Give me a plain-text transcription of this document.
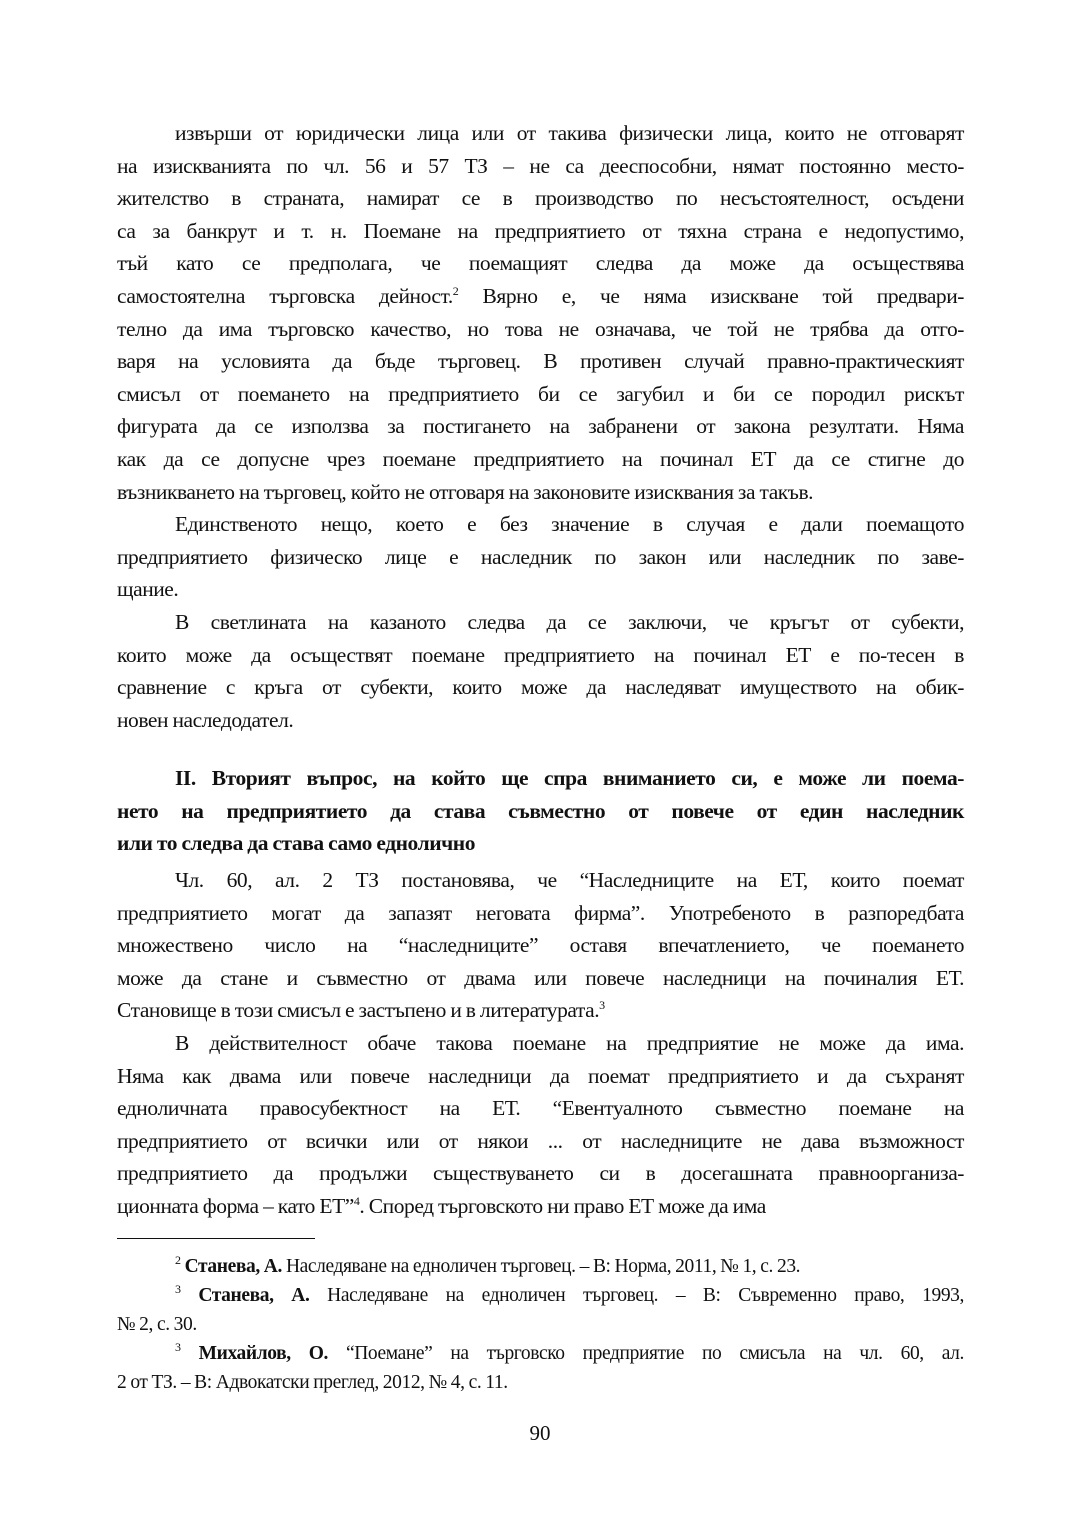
извърши от юридически лица или от такива физически лица, които не отговарят
на изискванията по чл. 56 и 57 ТЗ – не са дееспособни, нямат постоянно место-
жителство в страната, намират се в производство по несъстоятелност, осъдени
са за банкрут и т. н. Поемане на предприятието от тяхна страна е недопустимо,
тъй като се предполага, че поемащият следва да може да осъществява
самостоятелна търговска дейност.$^2$ Вярно е, че няма изискване той предвари-
телно да има търговско качество, но това не означава, че той не трябва да отго-
варя на условията да бъде търговец. В противен случай правно-практическият
смисъл от поемането на предприятието би се загубил и би се породил рискът
фигурата да се използва за постигането на забранени от закона резултати. Няма
как да се допусне чрез поемане предприятието на починал ЕТ да се стигне до
възникването на търговец, който не отговаря на законовите изисквания за такъв.
Единственото нещо, което е без значение в случая е дали поемащото
предприятието физическо лице е наследник по закон или наследник по заве-
щание.
В светлината на казаното следва да се заключи, че кръгът от субекти,
които може да осъществят поемане предприятието на починал ЕТ е по-тесен в
сравнение с кръга от субекти, които може да наследяват имуществото на обик-
новен наследодател.
II. Вторият въпрос, на който ще спра вниманието си, е може ли поема-
нето на предприятието да става съвместно от повече от един наследник
или то следва да става само еднолично
Чл. 60, ал. 2 ТЗ постановява, че “Наследниците на ЕТ, които поемат
предприятието могат да запазят неговата фирма”. Употребеното в разпоредбата
множествено число на “наследниците” оставя впечатлението, че поемането
може да стане и съвместно от двама или повече наследници на починалия ЕТ.
Становище в този смисъл е застъпено и в литературата.$^3$
В действителност обаче такова поемане на предприятие не може да има.
Няма как двама или повече наследници да поемат предприятието и да съхранят
еднoличната правосубектност на ЕТ. “Евентуалното съвместно поемане на
предприятието от всички или от някои ... от наследниците не дава възможност
предприятието да продължи съществуването си в досегашната правноорганиза-
ционната форма – като ЕТ”$^4$. Според търговското ни право ЕТ може да има
$^2$ Станева, А. Наследяване на едноличен търговец. – В: Норма, 2011, № 1, с. 23.
$^3$ Станева, А. Наследяване на едноличен търговец. – В: Съвременно право, 1993,
№ 2, с. 30.
$^3$ Михайлов, О. “Поемане” на търговско предприятие по смисъла на чл. 60, ал.
2 от ТЗ. – В: Адвокатски преглед, 2012, № 4, с. 11.
90
